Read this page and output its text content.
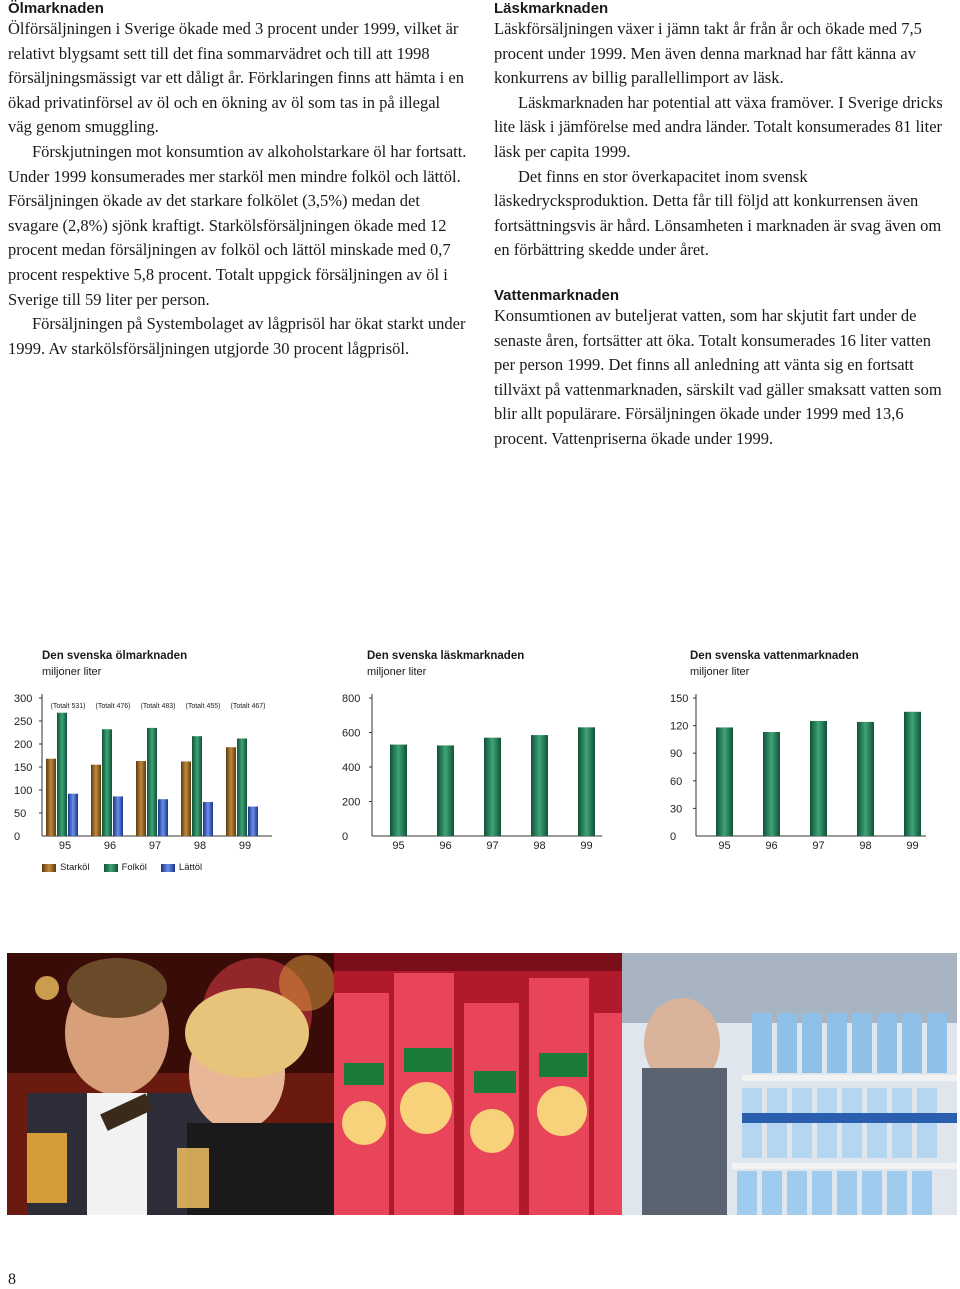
Ölmarknaden

Ölförsäljningen i Sverige ökade med 3 procent under 1999, vilket är relativt blygsamt sett till det fina sommarvädret och till att 1998 försäljningsmässigt var ett dåligt år. Förklaringen finns att hämta i en ökad privatinförsel av öl och en ökning av öl som tas in på illegal väg genom smuggling.

Förskjutningen mot konsumtion av alkoholstarkare öl har fortsatt. Under 1999 konsumerades mer starköl men mindre folköl och lättöl. Försäljningen ökade av det starkare folkölet (3,5%) medan det svagare (2,8%) sjönk kraftigt. Starkölsförsäljningen ökade med 12 procent medan försäljningen av folköl och lättöl minskade med 0,7 procent respektive 5,8 procent. Totalt uppgick försäljningen av öl i Sverige till 59 liter per person.

Försäljningen på Systembolaget av lågprisöl har ökat starkt under 1999. Av starkölsförsäljningen utgjorde 30 procent lågprisöl.

Läskmarknaden

Läskförsäljningen växer i jämn takt år från år och ökade med 7,5 procent under 1999. Men även denna marknad har fått känna av konkurrens av billig parallellimport av läsk.

Läskmarknaden har potential att växa framöver. I Sverige dricks lite läsk i jämförelse med andra länder. Totalt konsumerades 81 liter läsk per capita 1999.

Det finns en stor överkapacitet inom svensk läskedrycksproduktion. Detta får till följd att konkurrensen även fortsättningsvis är hård. Lönsamheten i marknaden är svag även om en förbättring skedde under året.

Vattenmarknaden

Konsumtionen av buteljerat vatten, som har skjutit fart under de senaste åren, fortsätter att öka. Totalt konsumerades 16 liter vatten per person 1999. Det finns all anledning att vänta sig en fortsatt tillväxt på vattenmarknaden, särskilt vad gäller smaksatt vatten som blir allt populärare. Försäljningen ökade under 1999 med 13,6 procent. Vattenpriserna ökade under 1999.

Den svenska ölmarknaden
miljoner liter
Den svenska läskmarknaden
miljoner liter
Den svenska vattenmarknaden
miljoner liter
0
50
100
150
200
250
300
95
(Totalt 531)
96
(Totalt 476)
97
(Totalt 483)
98
(Totalt 455)
99
(Totalt 467)
0
200
400
600
800
95	96	97	98	99
0
30
60
90
120
150
95	96	97	98	99
Starköl	Folköl	Lättöl
8
